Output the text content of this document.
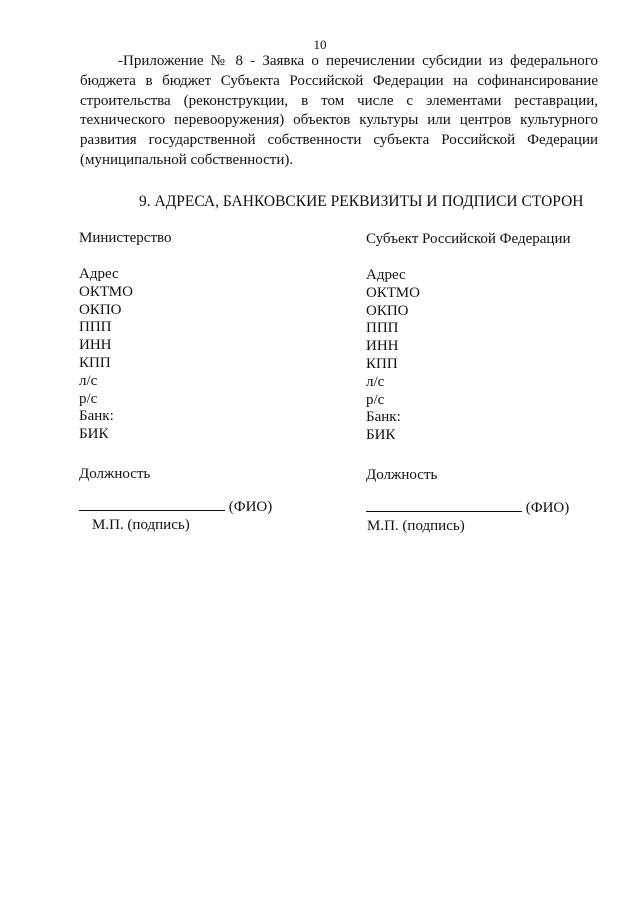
10

-Приложение № 8 - Заявка о перечислении субсидии из федерального бюджета в бюджет Субъекта Российской Федерации на софинансирование строительства (реконструкции, в том числе с элементами реставрации, технического перевооружения) объектов культуры или центров культурного развития государственной собственности субъекта Российской Федерации (муниципальной собственности).

9. АДРЕСА, БАНКОВСКИЕ РЕКВИЗИТЫ И ПОДПИСИ СТОРОН
Министерство
Адрес
ОКТМО
ОКПО
ППП
ИНН
КПП
л/с
р/с
Банк:
БИК
Должность
(ФИО)
М.П. (подпись)
Субъект Российской Федерации
Адрес
ОКТМО
ОКПО
ППП
ИНН
КПП
л/с
р/с
Банк:
БИК
Должность
(ФИО)
М.П. (подпись)
